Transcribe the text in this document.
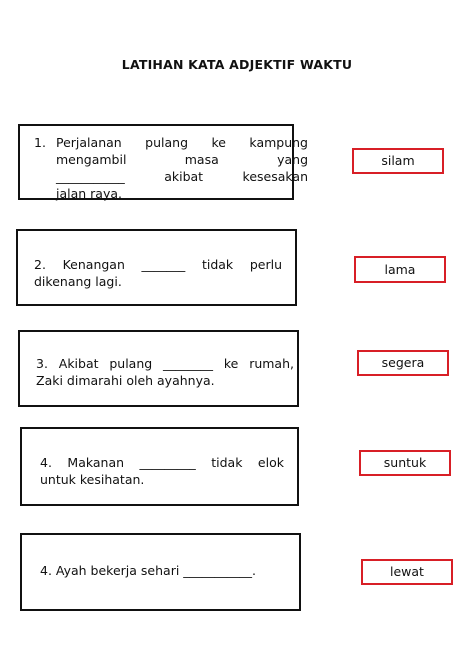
LATIHAN KATA ADJEKTIF WAKTU
1. Perjalanan pulang ke kampung
mengambil masa yang
___________ akibat kesesakan
jalan raya.
2. Kenangan _______ tidak perlu
dikenang lagi.
3. Akibat pulang ________ ke rumah,
Zaki dimarahi oleh ayahnya.
4. Makanan _________ tidak elok
untuk kesihatan.
4. Ayah bekerja sehari ___________.
silam
lama
segera
suntuk
lewat
